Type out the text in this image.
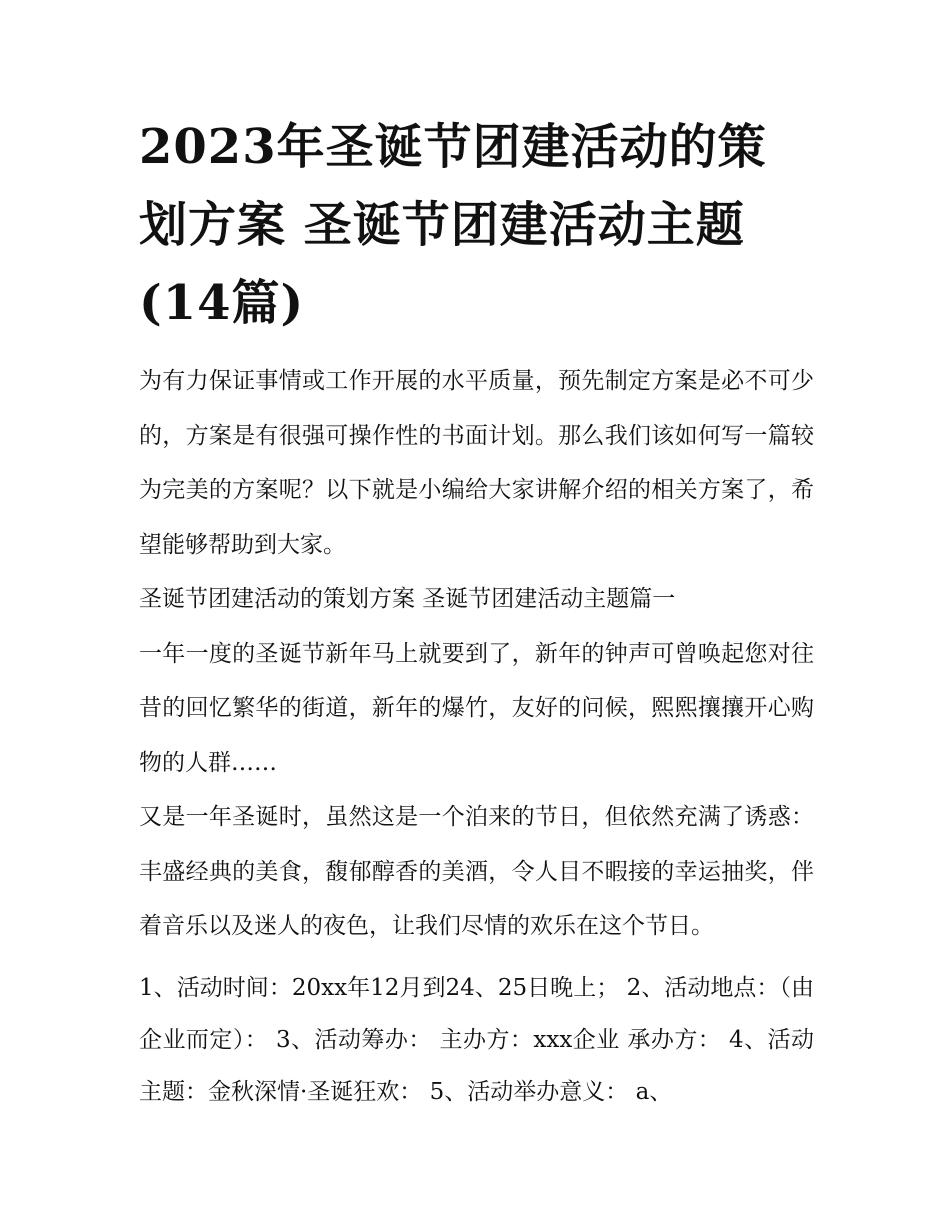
2023年圣诞节团建活动的策划方案 圣诞节团建活动主题(14篇)

为有力保证事情或工作开展的水平质量，预先制定方案是必不可少的，方案是有很强可操作性的书面计划。那么我们该如何写一篇较为完美的方案呢？以下就是小编给大家讲解介绍的相关方案了，希望能够帮助到大家。

圣诞节团建活动的策划方案 圣诞节团建活动主题篇一

一年一度的圣诞节新年马上就要到了，新年的钟声可曾唤起您对往昔的回忆繁华的街道，新年的爆竹，友好的问候，熙熙攘攘开心购物的人群……

又是一年圣诞时，虽然这是一个泊来的节日，但依然充满了诱惑：丰盛经典的美食，馥郁醇香的美酒，令人目不暇接的幸运抽奖，伴着音乐以及迷人的夜色，让我们尽情的欢乐在这个节日。

1、活动时间：20xx年12月到24、25日晚上； 2、活动地点：（由企业而定）： 3、活动筹办： 主办方：xxx企业 承办方： 4、活动主题：金秋深情·圣诞狂欢： 5、活动举办意义： a、
